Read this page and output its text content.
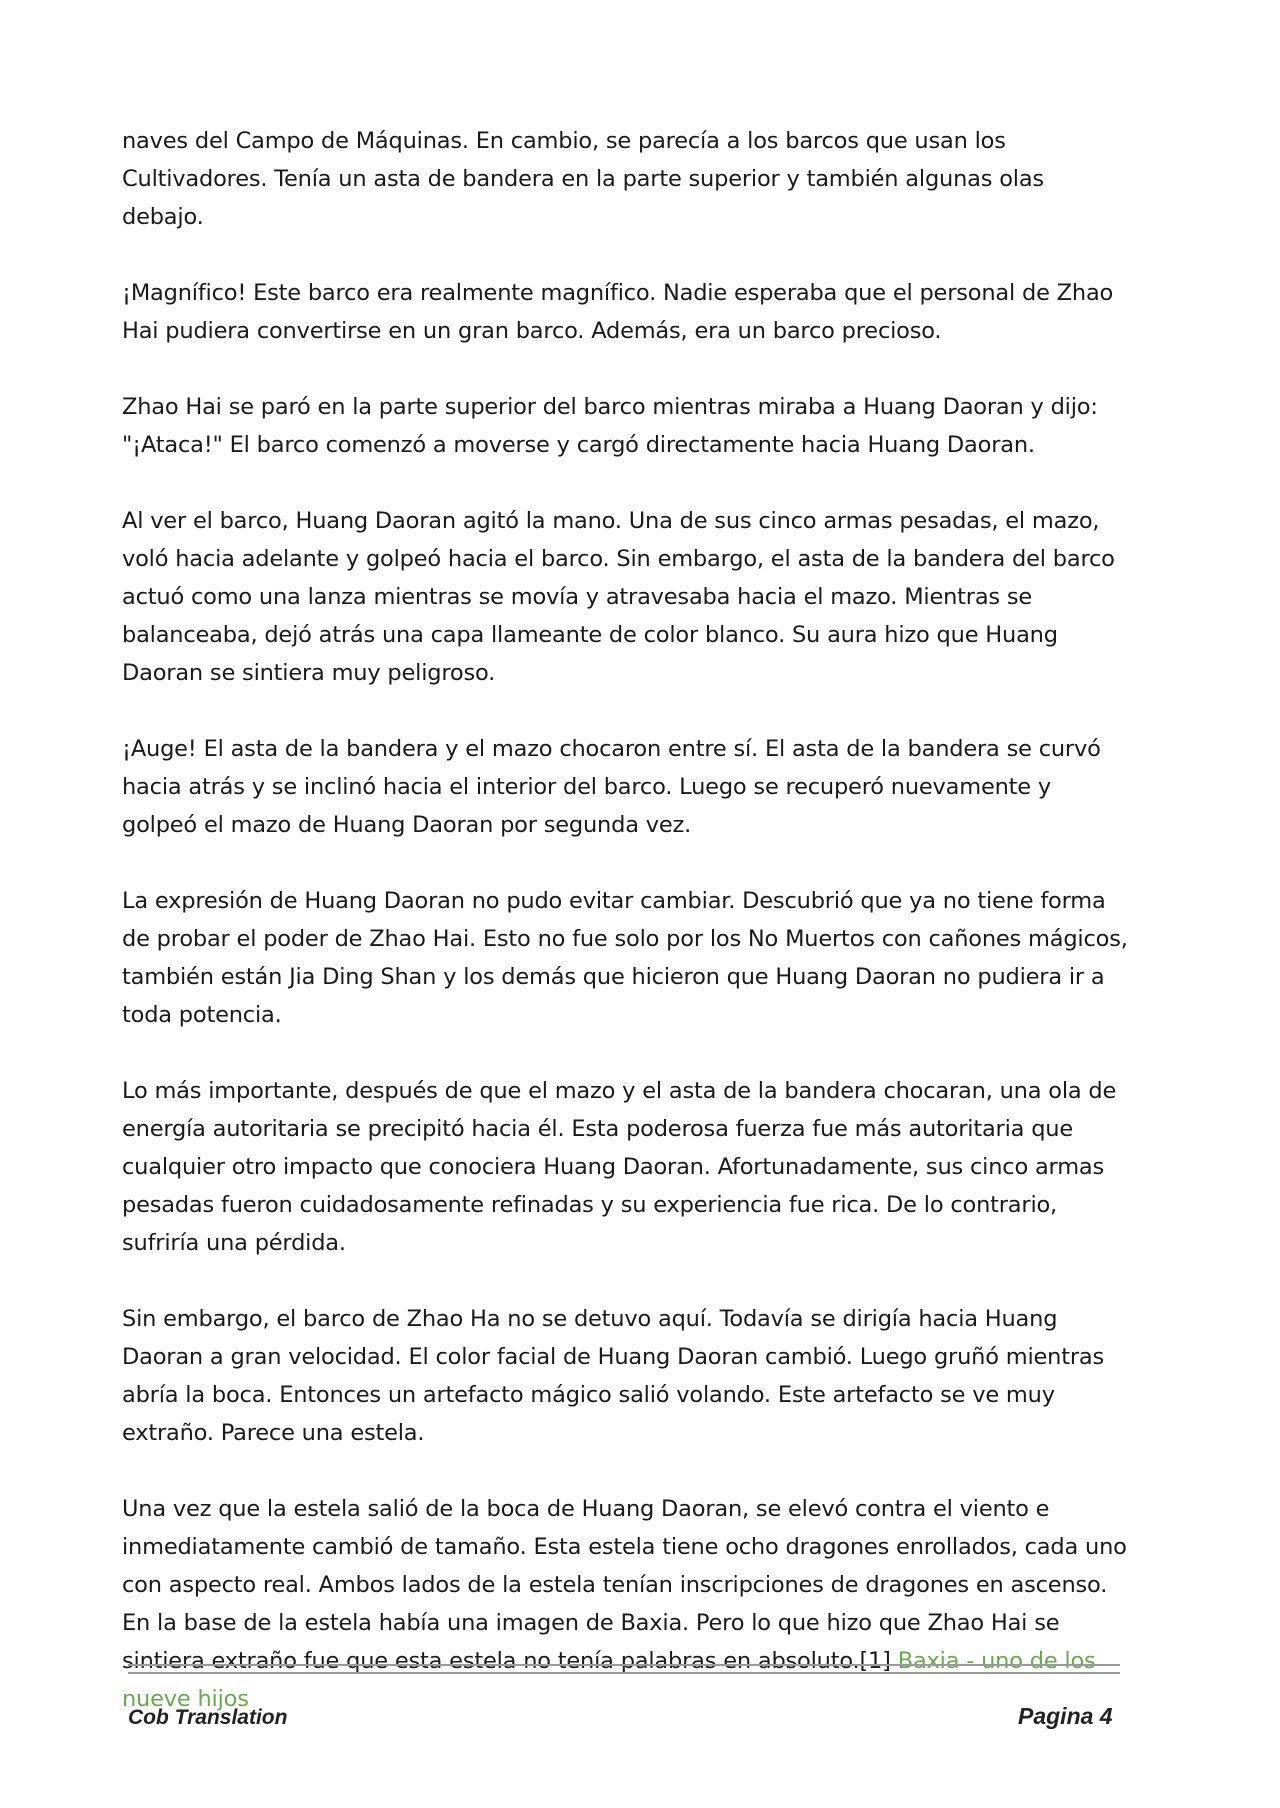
naves del Campo de Máquinas. En cambio, se parecía a los barcos que usan los Cultivadores. Tenía un asta de bandera en la parte superior y también algunas olas debajo.

¡Magnífico! Este barco era realmente magnífico. Nadie esperaba que el personal de Zhao Hai pudiera convertirse en un gran barco. Además, era un barco precioso.

Zhao Hai se paró en la parte superior del barco mientras miraba a Huang Daoran y dijo: "¡Ataca!" El barco comenzó a moverse y cargó directamente hacia Huang Daoran.

Al ver el barco, Huang Daoran agitó la mano. Una de sus cinco armas pesadas, el mazo, voló hacia adelante y golpeó hacia el barco. Sin embargo, el asta de la bandera del barco actuó como una lanza mientras se movía y atravesaba hacia el mazo. Mientras se balanceaba, dejó atrás una capa llameante de color blanco. Su aura hizo que Huang Daoran se sintiera muy peligroso.

¡Auge! El asta de la bandera y el mazo chocaron entre sí. El asta de la bandera se curvó hacia atrás y se inclinó hacia el interior del barco. Luego se recuperó nuevamente y golpeó el mazo de Huang Daoran por segunda vez.

La expresión de Huang Daoran no pudo evitar cambiar. Descubrió que ya no tiene forma de probar el poder de Zhao Hai. Esto no fue solo por los No Muertos con cañones mágicos, también están Jia Ding Shan y los demás que hicieron que Huang Daoran no pudiera ir a toda potencia.

Lo más importante, después de que el mazo y el asta de la bandera chocaran, una ola de energía autoritaria se precipitó hacia él. Esta poderosa fuerza fue más autoritaria que cualquier otro impacto que conociera Huang Daoran. Afortunadamente, sus cinco armas pesadas fueron cuidadosamente refinadas y su experiencia fue rica. De lo contrario, sufriría una pérdida.

Sin embargo, el barco de Zhao Ha no se detuvo aquí. Todavía se dirigía hacia Huang Daoran a gran velocidad. El color facial de Huang Daoran cambió. Luego gruñó mientras abría la boca. Entonces un artefacto mágico salió volando. Este artefacto se ve muy extraño. Parece una estela.

Una vez que la estela salió de la boca de Huang Daoran, se elevó contra el viento e inmediatamente cambió de tamaño. Esta estela tiene ocho dragones enrollados, cada uno con aspecto real. Ambos lados de la estela tenían inscripciones de dragones en ascenso. En la base de la estela había una imagen de Baxia. Pero lo que hizo que Zhao Hai se sintiera extraño fue que esta estela no tenía palabras en absoluto.[1] Baxia - uno de los nueve hijos

Cob Translation	Pagina 4
